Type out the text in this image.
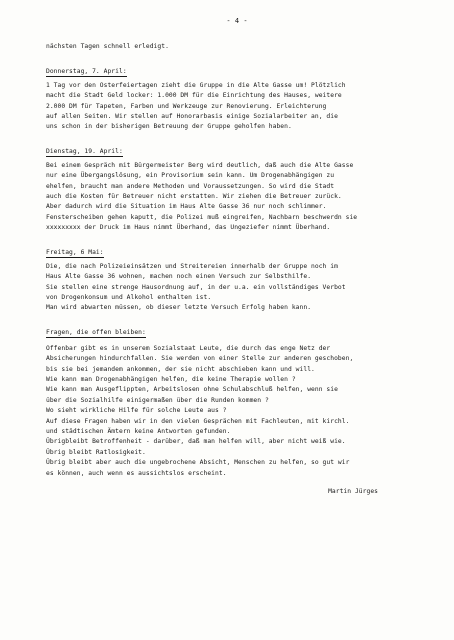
- 4 -
nächsten Tagen schnell erledigt.
Donnerstag, 7. April:
1 Tag vor den Osterfeiertagen zieht die Gruppe in die Alte Gasse um! Plötzlich
macht die Stadt Geld locker: 1.000 DM für die Einrichtung des Hauses, weitere
2.000 DM für Tapeten, Farben und Werkzeuge zur Renovierung. Erleichterung
auf allen Seiten. Wir stellen auf Honorarbasis einige Sozialarbeiter an, die
uns schon in der bisherigen Betreuung der Gruppe geholfen haben.
Dienstag, 19. April:
Bei einem Gespräch mit Bürgermeister Berg wird deutlich, daß auch die Alte Gasse
nur eine Übergangslösung, ein Provisorium sein kann. Um Drogenabhängigen zu
ehelfen, braucht man andere Methoden und Voraussetzungen. So wird die Stadt
auch die Kosten für Betreuer nicht erstatten. Wir ziehen die Betreuer zurück.
Aber dadurch wird die Situation im Haus Alte Gasse 36 nur noch schlimmer.
Fensterscheiben gehen kaputt, die Polizei muß eingreifen, Nachbarn beschwerdn sie
xxxxxxxxx der Druck im Haus nimmt Überhand, das Ungeziefer nimmt Überhand.
Freitag, 6 Mai:
Die, die nach Polizeieinsätzen und Streitereien innerhalb der Gruppe noch im
Haus Alte Gasse 36 wohnen, machen noch einen Versuch zur Selbsthilfe.
Sie stellen eine strenge Hausordnung auf, in der u.a. ein vollständiges Verbot
von Drogenkonsum und Alkohol enthalten ist.
Man wird abwarten müssen, ob dieser letzte Versuch Erfolg haben kann.
Fragen, die offen bleiben:
Offenbar gibt es in unserem Sozialstaat Leute, die durch das enge Netz der
Absicherungen hindurchfallen. Sie werden von einer Stelle zur anderen geschoben,
bis sie bei jemandem ankommen, der sie nicht abschieben kann und will.
Wie kann man Drogenabhängigen helfen, die keine Therapie wollen ?
Wie kann man Ausgeflippten, Arbeitslosen ohne Schulabschluß helfen, wenn sie
über die Sozialhilfe einigermaßen über die Runden kommen ?
Wo sieht wirkliche Hilfe für solche Leute aus ?
Auf diese Fragen haben wir in den vielen Gesprächen mit Fachleuten, mit kirchl.
und städtischen Ämtern keine Antworten gefunden.
Übrigbleibt Betroffenheit - darüber, daß man helfen will, aber nicht weiß wie.
Übrig bleibt Ratlosigkeit.
Übrig bleibt aber auch die ungebrochene Absicht, Menschen zu helfen, so gut wir
es können, auch wenn es aussichtslos erscheint.
Martin Jürges
